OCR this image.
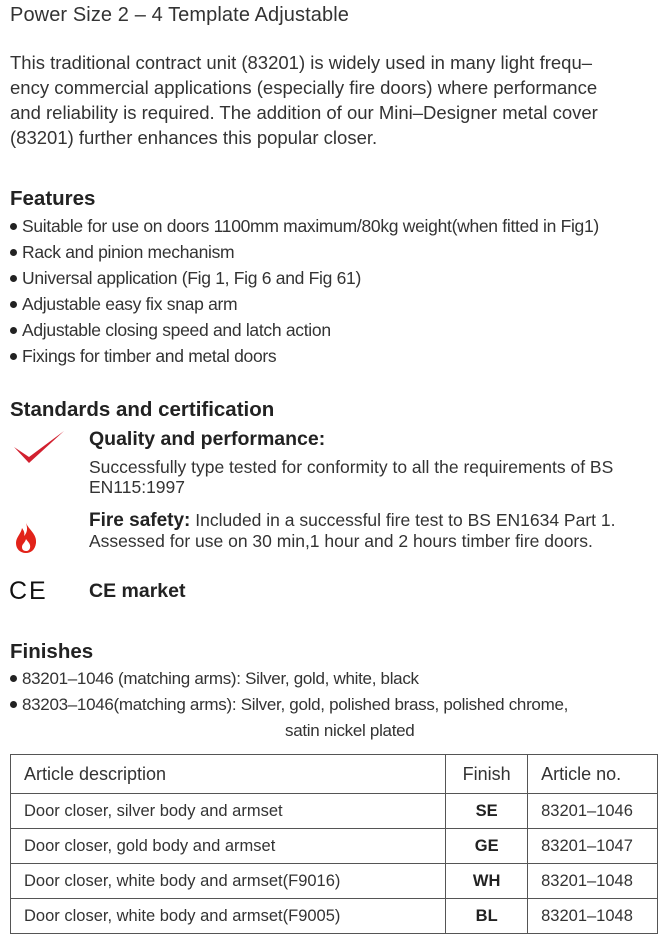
Power Size 2 – 4 Template Adjustable
This traditional contract unit (83201) is widely used in many light frequ–
ency commercial applications (especially fire doors) where performance
and reliability is required. The addition of our Mini–Designer metal cover
(83201) further enhances this popular closer.
Features
Suitable for use on doors 1100mm maximum/80kg weight(when fitted in Fig1)
Rack and pinion mechanism
Universal application (Fig 1, Fig 6 and Fig 61)
Adjustable easy fix snap arm
Adjustable closing speed and latch action
Fixings for timber and metal doors
Standards and certification
Quality and performance:
Successfully type tested for conformity to all the requirements of BS EN115:1997
Fire safety: Included in a successful fire test to BS EN1634 Part 1. Assessed for use on 30 min,1 hour and 2 hours timber fire doors.
CE CE market
Finishes
83201–1046 (matching arms): Silver, gold, white, black
83203–1046(matching arms): Silver, gold, polished brass, polished chrome,
satin nickel plated
Article description	Finish	Article no.
Door closer, silver body and armset	SE	83201–1046
Door closer, gold body and armset	GE	83201–1047
Door closer, white body and armset(F9016)	WH	83201–1048
Door closer, white body and armset(F9005)	BL	83201–1048
